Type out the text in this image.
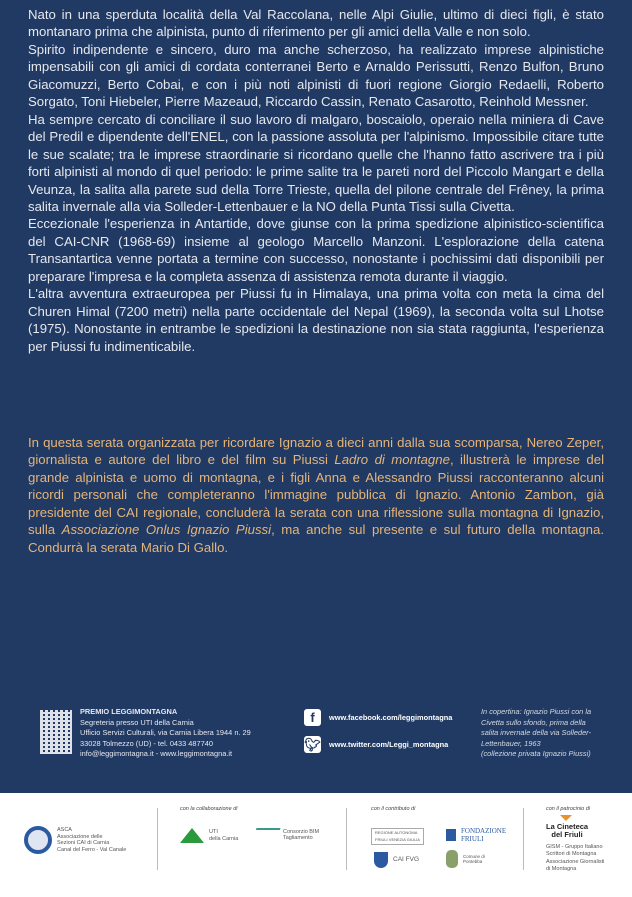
Nato in una sperduta località della Val Raccolana, nelle Alpi Giulie, ultimo di dieci figli, è stato montanaro prima che alpinista, punto di riferimento per gli amici della Valle e non solo.

Spirito indipendente e sincero, duro ma anche scherzoso, ha realizzato imprese alpinistiche impensabili con gli amici di cordata conterranei Berto e Arnaldo Perissutti, Renzo Bulfon, Bruno Giacomuzzi, Berto Cobai, e con i più noti alpinisti di fuori regione Giorgio Redaelli, Roberto Sorgato, Toni Hiebeler, Pierre Mazeaud, Riccardo Cassin, Renato Casarotto, Reinhold Messner.

Ha sempre cercato di conciliare il suo lavoro di malgaro, boscaiolo, operaio nella miniera di Cave del Predil e dipendente dell'ENEL, con la passione assoluta per l'alpinismo. Impossibile citare tutte le sue scalate; tra le imprese straordinarie si ricordano quelle che l'hanno fatto ascrivere tra i più forti alpinisti al mondo di quel periodo: le prime salite tra le pareti nord del Piccolo Mangart e della Veunza, la salita alla parete sud della Torre Trieste, quella del pilone centrale del Frêney, la prima salita invernale alla via Solleder-Lettenbauer e la NO della Punta Tissi sulla Civetta.

Eccezionale l'esperienza in Antartide, dove giunse con la prima spedizione alpinistico-scientifica del CAI-CNR (1968-69) insieme al geologo Marcello Manzoni. L'esplorazione della catena Transantartica venne portata a termine con successo, nonostante i pochissimi dati disponibili per preparare l'impresa e la completa assenza di assistenza remota durante il viaggio.

L'altra avventura extraeuropea per Piussi fu in Himalaya, una prima volta con meta la cima del Churen Himal (7200 metri) nella parte occidentale del Nepal (1969), la seconda volta sul Lhotse (1975). Nonostante in entrambe le spedizioni la destinazione non sia stata raggiunta, l'esperienza per Piussi fu indimenticabile.

In questa serata organizzata per ricordare Ignazio a dieci anni dalla sua scomparsa, Nereo Zeper, giornalista e autore del libro e del film su Piussi Ladro di montagne, illustrerà le imprese del grande alpinista e uomo di montagna, e i figli Anna e Alessandro Piussi racconteranno alcuni ricordi personali che completeranno l'immagine pubblica di Ignazio. Antonio Zambon, già presidente del CAI regionale, concluderà la serata con una riflessione sulla montagna di Ignazio, sulla Associazione Onlus Ignazio Piussi, ma anche sul presente e sul futuro della montagna. Condurrà la serata Mario Di Gallo.

PREMIO LEGGIMONTAGNA
Segreteria presso UTI della Carnia
Ufficio Servizi Culturali, via Carnia Libera 1944 n. 29
33028 Tolmezzo (UD) - tel. 0433 487740
info@leggimontagna.it - www.leggimontagna.it
f	www.facebook.com/leggimontagna
🐦︎ www.twitter.com/Leggi_montagna
In copertina: Ignazio Piussi con la
Civetta sullo sfondo, prima della
salita invernale della via Solleder-
Lettenbauer, 1963
(collezione privata Ignazio Piussi)
ASCA
Associazione delle
Sezioni CAI di Carnia
Canal del Ferro - Val Canale
con la collaborazione di
UTI
della Carnia
Consorzio BIM
Tagliamento
con il contributo di
REGIONE AUTONOMA
FRIULI VENEZIA GIULIA
FONDAZIONE
FRIULI
CAI FVG	Comune di
Pontebba
con il patrocinio di
La Cineteca
del Friuli
GISM - Gruppo Italiano
Scrittori di Montagna
Associazione Giornalisti
di Montagna
